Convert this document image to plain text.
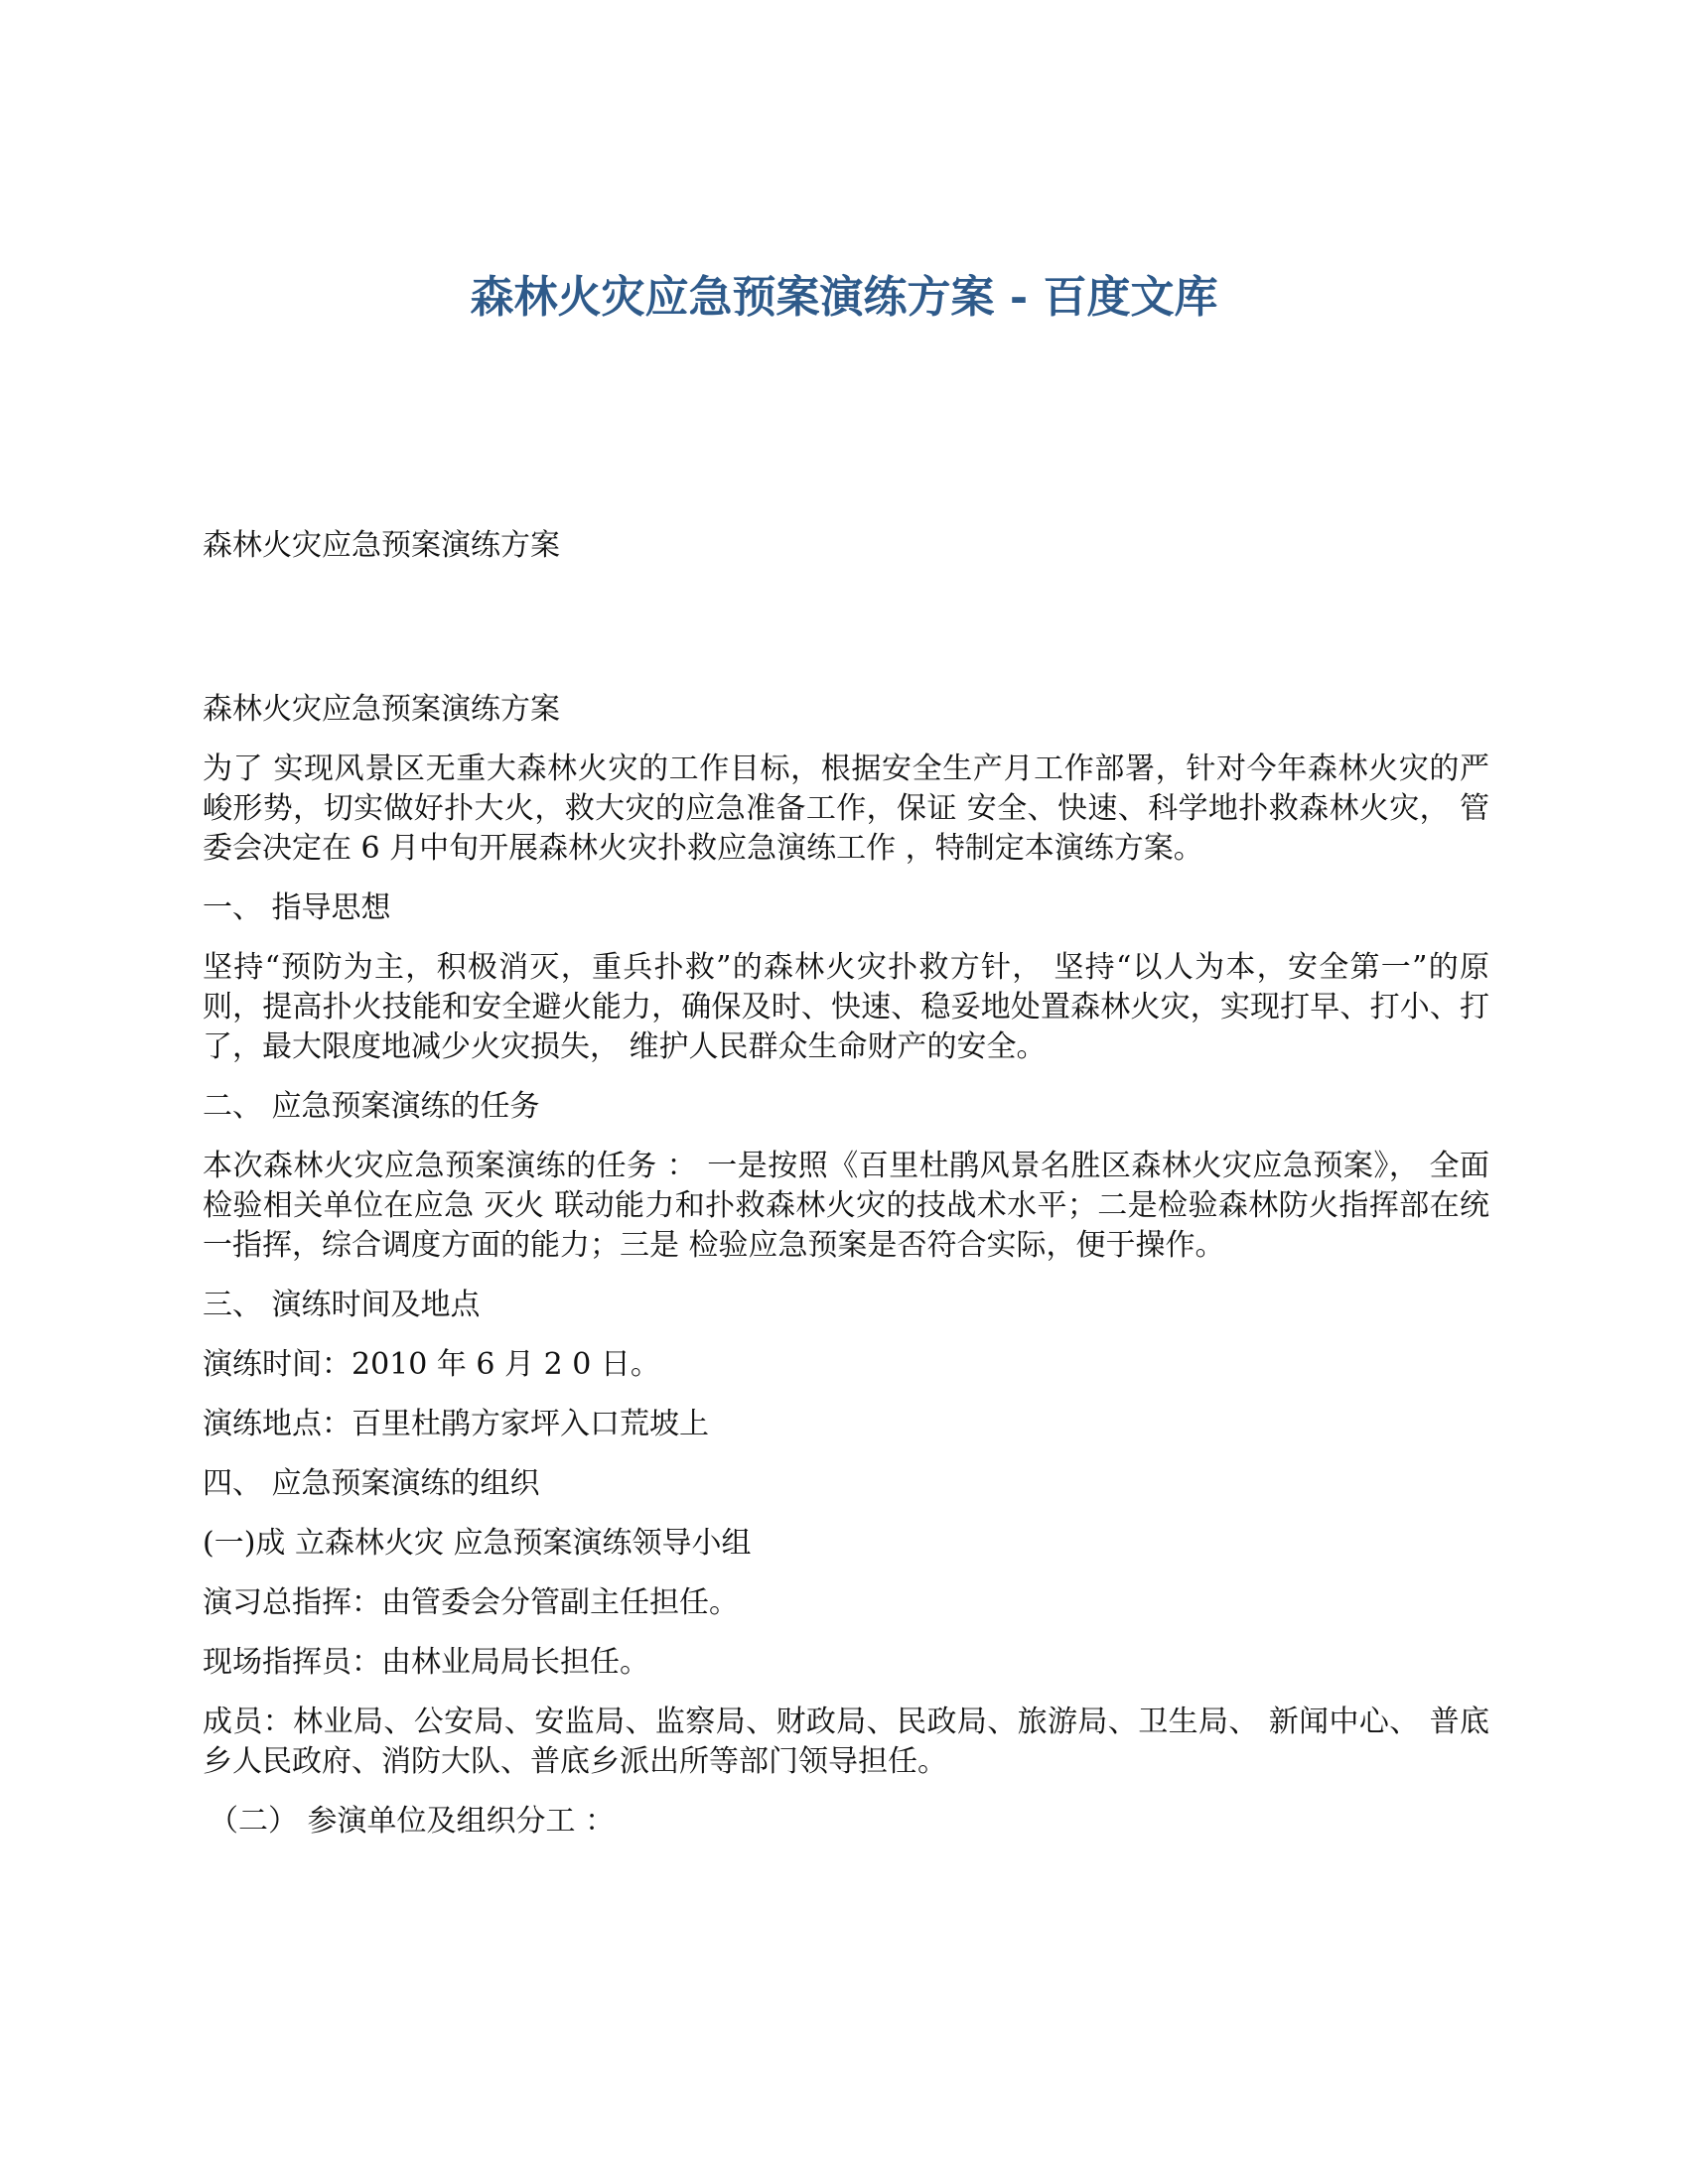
森林火灾应急预案演练方案 - 百度文库

森林火灾应急预案演练方案

森林火灾应急预案演练方案

为了 实现风景区无重大森林火灾的工作目标，根据安全生产月工作部署，针对今年森林火灾的严峻形势，切实做好扑大火，救大灾的应急准备工作，保证 安全、快速、科学地扑救森林火灾， 管委会决定在 6 月中旬开展森林火灾扑救应急演练工作 ，特制定本演练方案。

一、 指导思想

坚持“预防为主，积极消灭，重兵扑救”的森林火灾扑救方针， 坚持“以人为本，安全第一”的原则，提高扑火技能和安全避火能力，确保及时、快速、稳妥地处置森林火灾，实现打早、打小、打了，最大限度地减少火灾损失， 维护人民群众生命财产的安全。

二、 应急预案演练的任务

本次森林火灾应急预案演练的任务 ： 一是按照《百里杜鹃风景名胜区森林火灾应急预案》， 全面检验相关单位在应急 灭火 联动能力和扑救森林火灾的技战术水平；二是检验森林防火指挥部在统一指挥，综合调度方面的能力；三是 检验应急预案是否符合实际，便于操作。

三、 演练时间及地点

演练时间：2010 年 6 月 2 0 日。

演练地点：百里杜鹃方家坪入口荒坡上

四、 应急预案演练的组织

(一)成 立森林火灾 应急预案演练领导小组

演习总指挥：由管委会分管副主任担任。

现场指挥员：由林业局局长担任。

成员：林业局、公安局、安监局、监察局、财政局、民政局、旅游局、卫生局、 新闻中心、 普底乡人民政府、消防大队、普底乡派出所等部门领导担任。

（二） 参演单位及组织分工 ：
